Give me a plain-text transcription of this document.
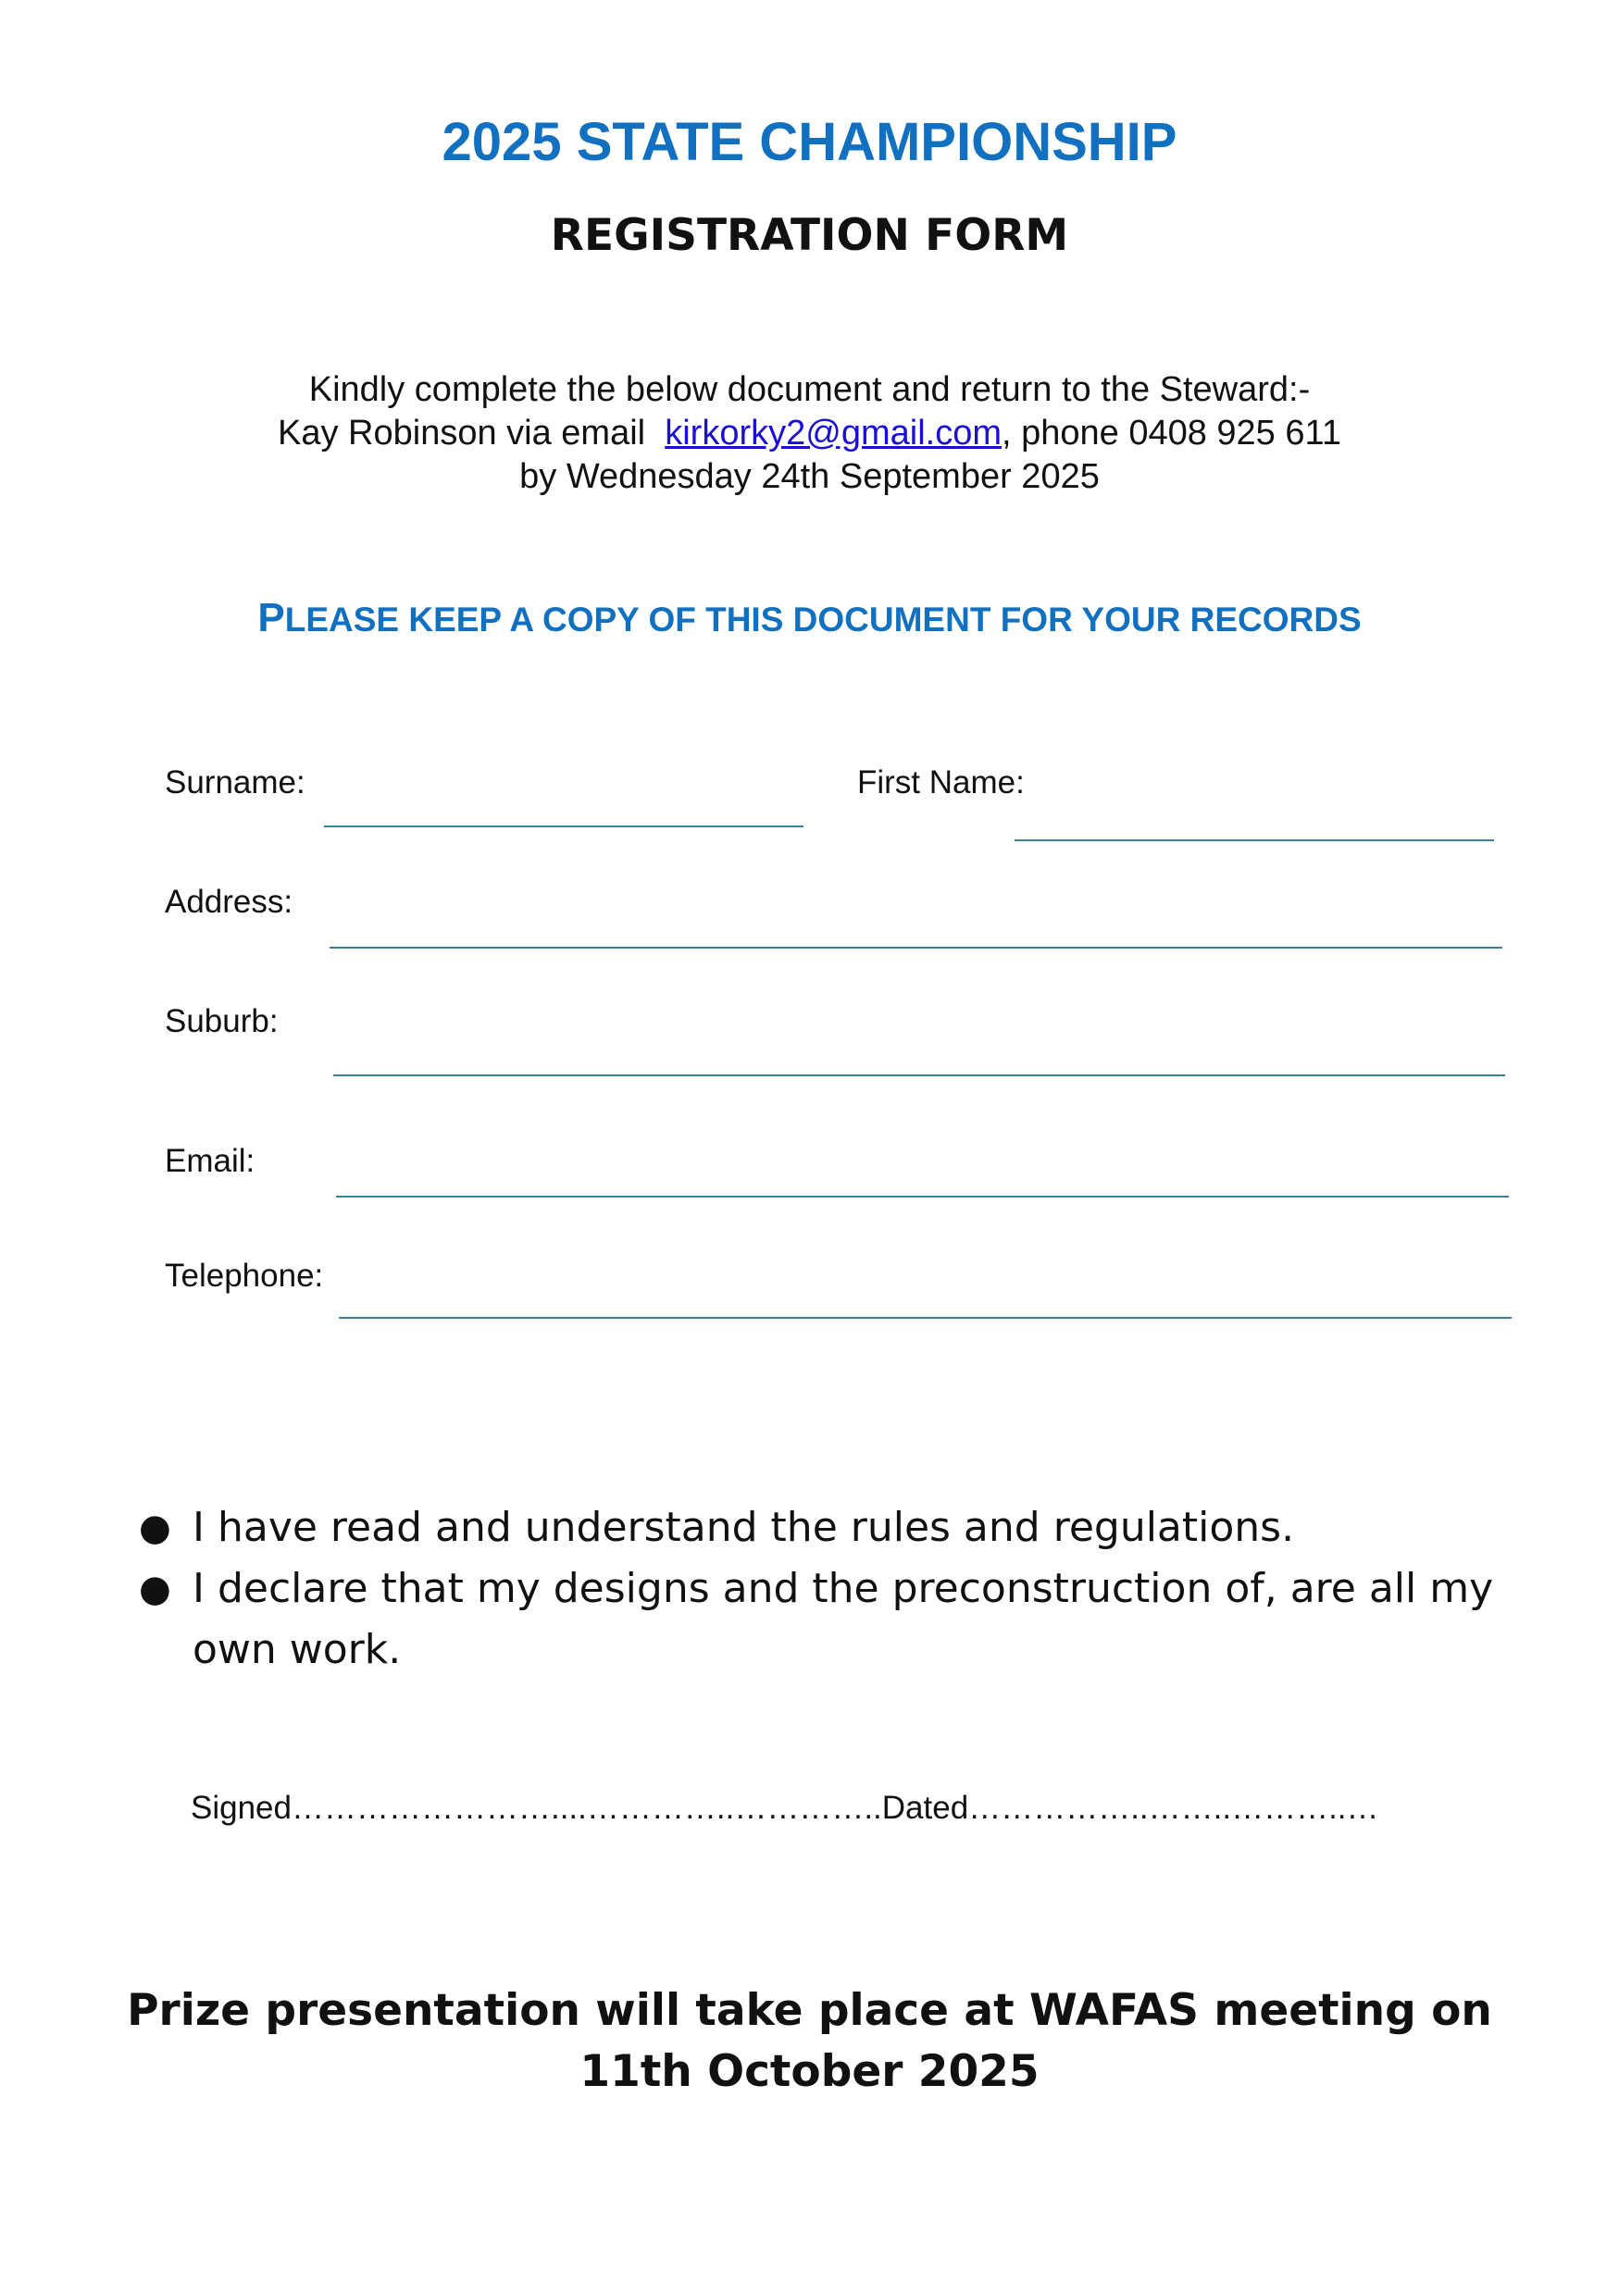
2025 STATE CHAMPIONSHIP
REGISTRATION FORM
Kindly complete the below document and return to the Steward:-
Kay Robinson via email  kirkorky2@gmail.com, phone 0408 925 611
by Wednesday 24th September 2025
PLEASE KEEP A COPY OF THIS DOCUMENT FOR YOUR RECORDS
Surname:	First Name:
Address:
Suburb:
Email:
Telephone:
● I have read and understand the rules and regulations.
● I declare that my designs and the preconstruction of, are all my own work.
Signed……………………....…………..…………..Dated……………..……..………..…
Prize presentation will take place at WAFAS meeting on
11th October 2025
